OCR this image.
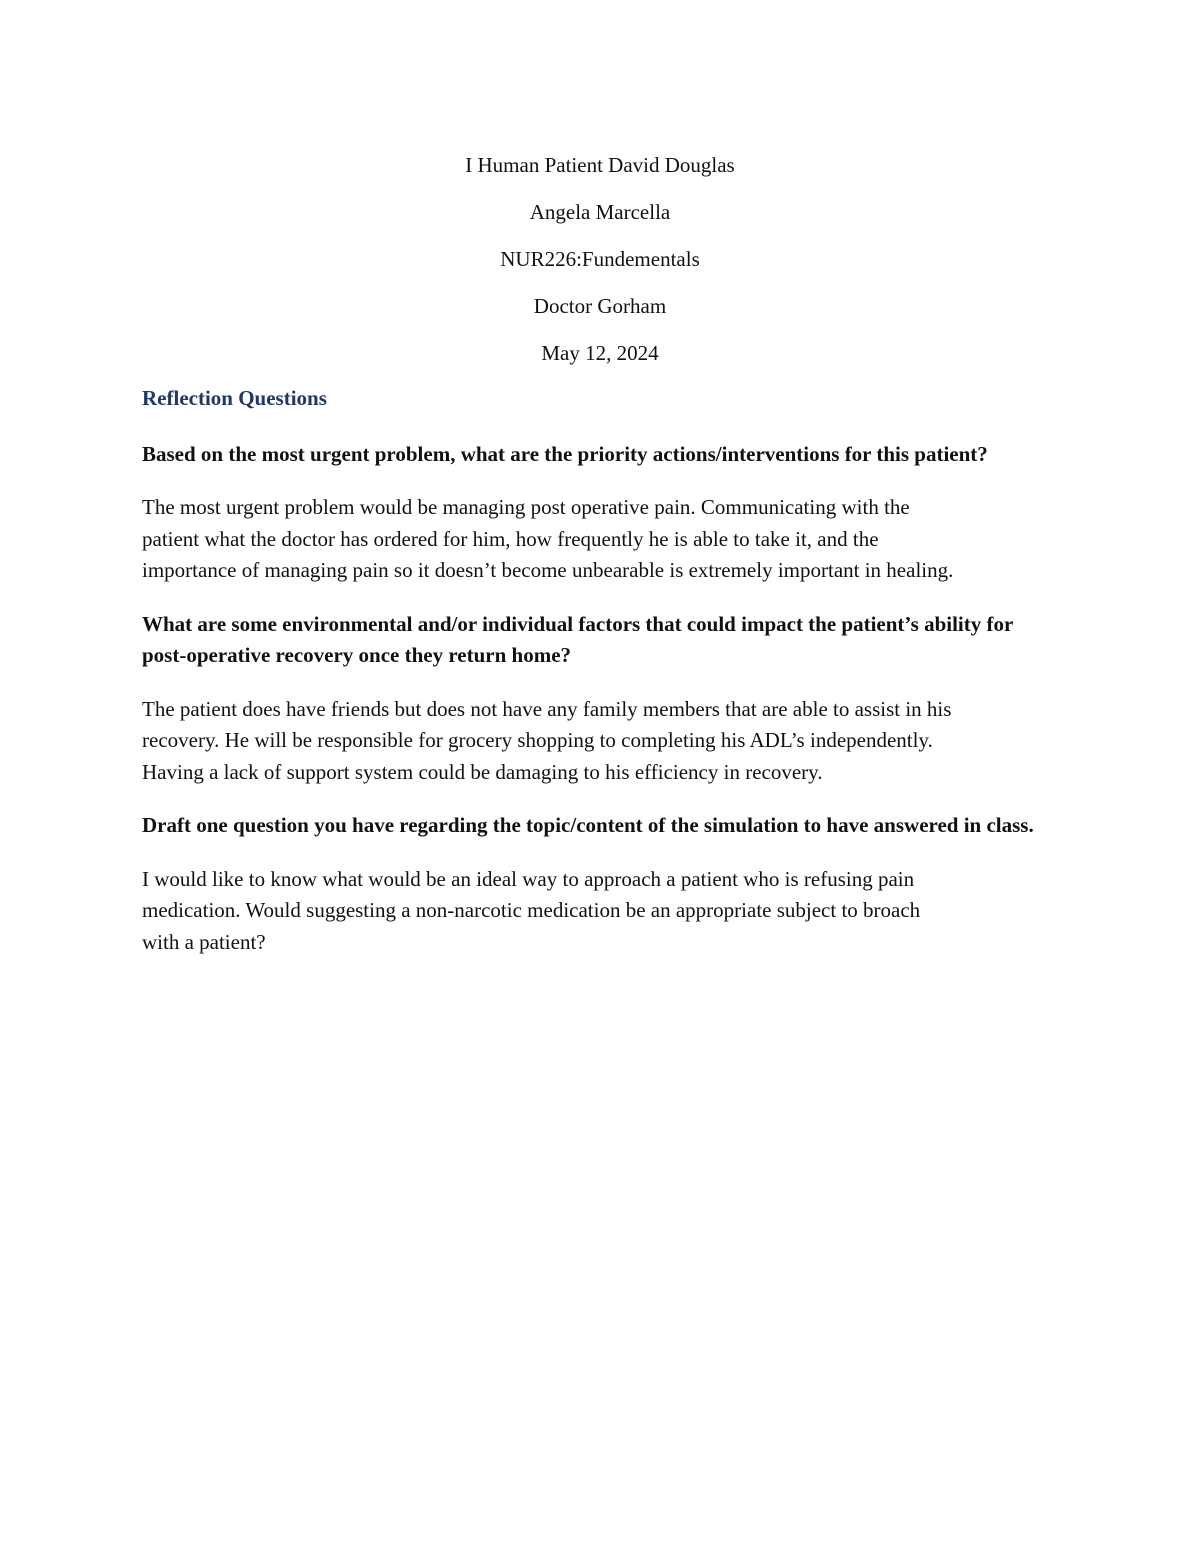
I Human Patient David Douglas
Angela Marcella
NUR226:Fundementals
Doctor Gorham
May 12, 2024
Reflection Questions
Based on the most urgent problem, what are the priority actions/interventions for this patient?
The most urgent problem would be managing post operative pain. Communicating with the
patient what the doctor has ordered for him, how frequently he is able to take it, and the
importance of managing pain so it doesn’t become unbearable is extremely important in healing.
What are some environmental and/or individual factors that could impact the patient’s ability for post-operative recovery once they return home?
The patient does have friends but does not have any family members that are able to assist in his
recovery. He will be responsible for grocery shopping to completing his ADL’s independently.
Having a lack of support system could be damaging to his efficiency in recovery.
Draft one question you have regarding the topic/content of the simulation to have answered in class.
I would like to know what would be an ideal way to approach a patient who is refusing pain
medication. Would suggesting a non-narcotic medication be an appropriate subject to broach
with a patient?
